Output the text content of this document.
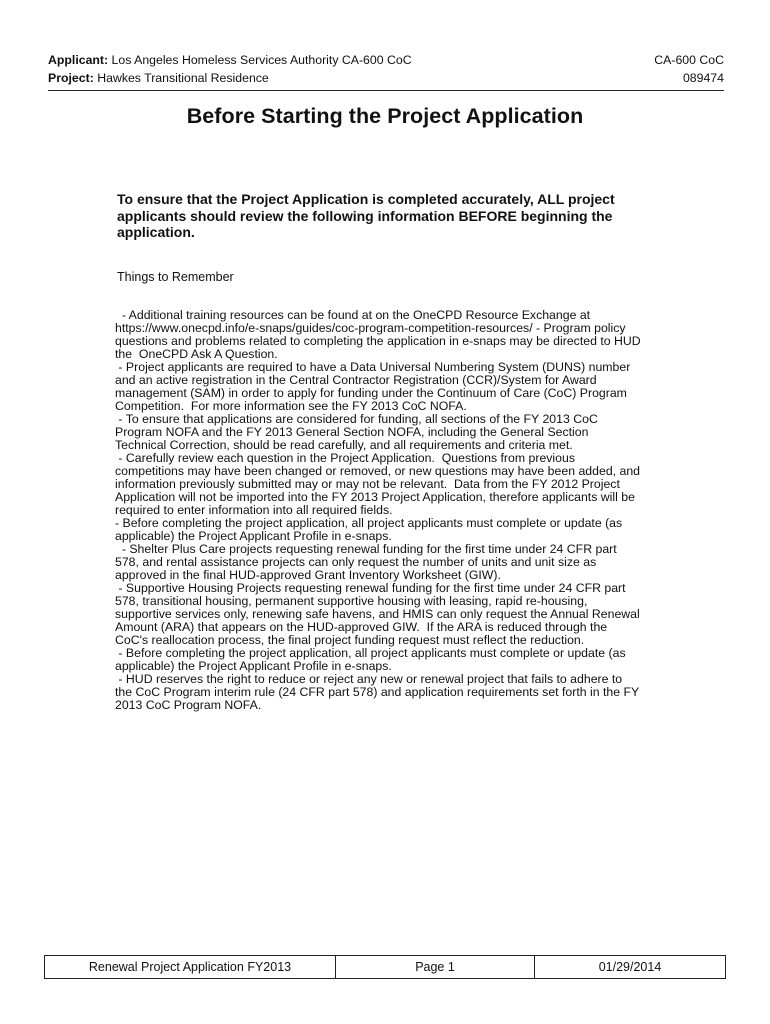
Applicant: Los Angeles Homeless Services Authority CA-600 CoC	CA-600 CoC
Project: Hawkes Transitional Residence	089474
Before Starting the Project Application
To ensure that the Project Application is completed accurately, ALL project applicants should review the following information BEFORE beginning the application.
Things to Remember
- Additional training resources can be found at on the OneCPD Resource Exchange at
https://www.onecpd.info/e-snaps/guides/coc-program-competition-resources/ - Program policy
questions and problems related to completing the application in e-snaps may be directed to HUD
the  OneCPD Ask A Question.
- Project applicants are required to have a Data Universal Numbering System (DUNS) number
and an active registration in the Central Contractor Registration (CCR)/System for Award
management (SAM) in order to apply for funding under the Continuum of Care (CoC) Program
Competition.  For more information see the FY 2013 CoC NOFA.
- To ensure that applications are considered for funding, all sections of the FY 2013 CoC
Program NOFA and the FY 2013 General Section NOFA, including the General Section
Technical Correction, should be read carefully, and all requirements and criteria met.
- Carefully review each question in the Project Application.  Questions from previous
competitions may have been changed or removed, or new questions may have been added, and
information previously submitted may or may not be relevant.  Data from the FY 2012 Project
Application will not be imported into the FY 2013 Project Application, therefore applicants will be
required to enter information into all required fields.
- Before completing the project application, all project applicants must complete or update (as
applicable) the Project Applicant Profile in e-snaps.
- Shelter Plus Care projects requesting renewal funding for the first time under 24 CFR part
578, and rental assistance projects can only request the number of units and unit size as
approved in the final HUD-approved Grant Inventory Worksheet (GIW).
- Supportive Housing Projects requesting renewal funding for the first time under 24 CFR part
578, transitional housing, permanent supportive housing with leasing, rapid re-housing,
supportive services only, renewing safe havens, and HMIS can only request the Annual Renewal
Amount (ARA) that appears on the HUD-approved GIW.  If the ARA is reduced through the
CoC's reallocation process, the final project funding request must reflect the reduction.
- Before completing the project application, all project applicants must complete or update (as
applicable) the Project Applicant Profile in e-snaps.
- HUD reserves the right to reduce or reject any new or renewal project that fails to adhere to
the CoC Program interim rule (24 CFR part 578) and application requirements set forth in the FY
2013 CoC Program NOFA.
Renewal Project Application FY2013	Page 1	01/29/2014
